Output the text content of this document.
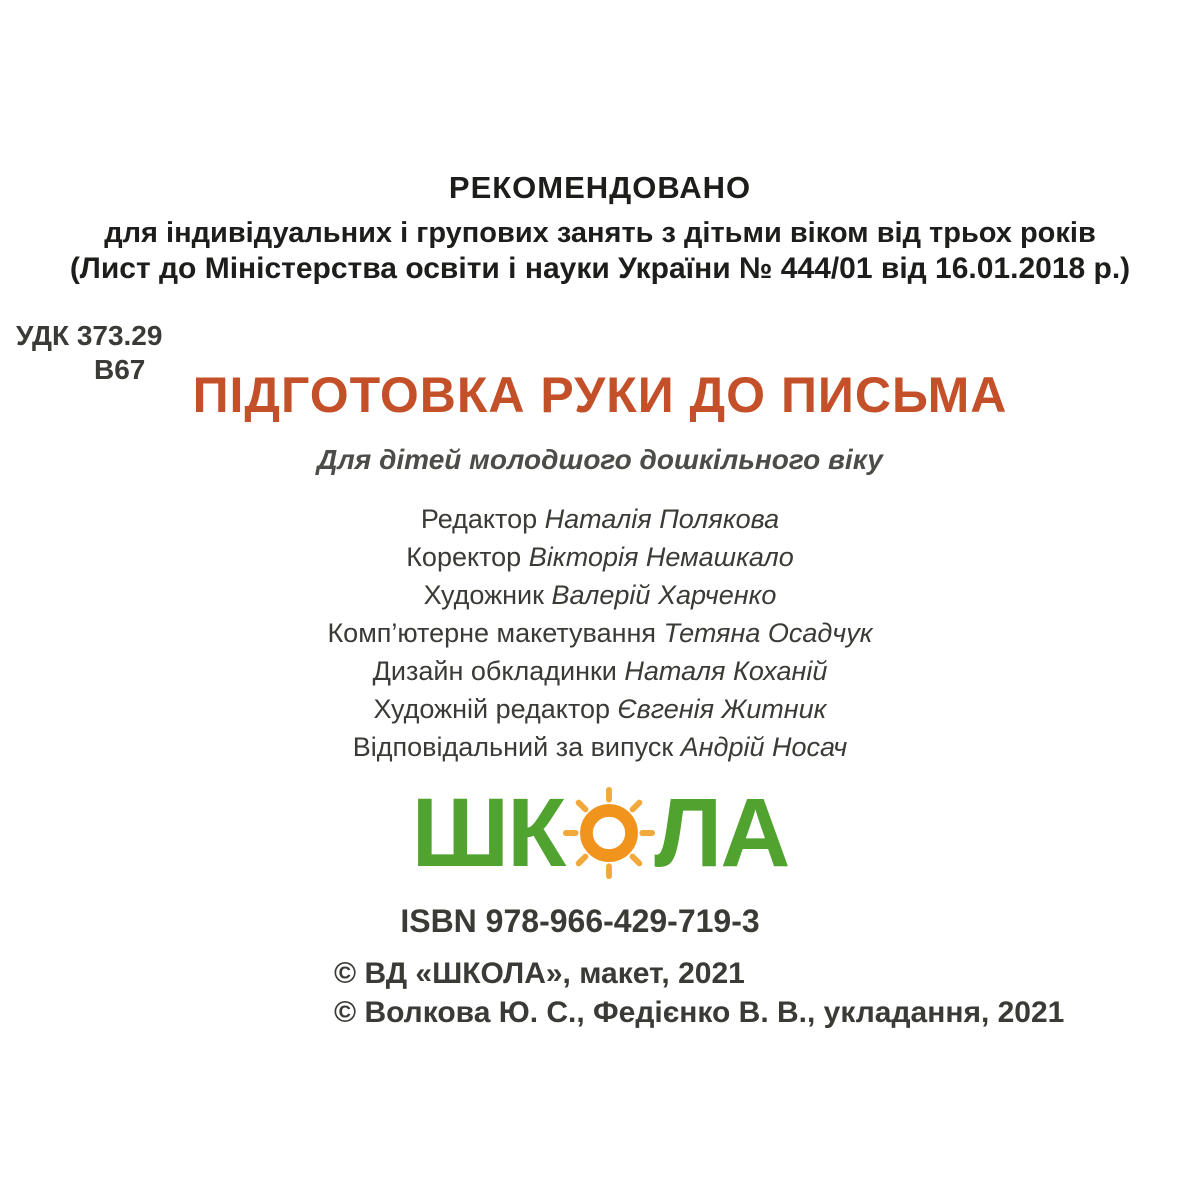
РЕКОМЕНДОВАНО
для індивідуальних і групових занять з дітьми віком від трьох років
(Лист до Міністерства освіти і науки України № 444/01 від 16.01.2018 р.)
УДК 373.29
В67 ПІДГОТОВКА РУКИ ДО ПИСЬМА
Для дітей молодшого дошкільного віку
Редактор Наталія Полякова
Коректор Вікторія Немашкало
Художник Валерій Харченко
Комп’ютерне макетування Тетяна Осадчук
Дизайн обкладинки Наталя Коханій
Художній редактор Євгенія Житник
Відповідальний за випуск Андрій Носач
ШК ЛА
ISBN 978-966-429-719-3
© ВД «ШКОЛА», макет, 2021
© Волкова Ю. С., Федієнко В. В., укладання, 2021
